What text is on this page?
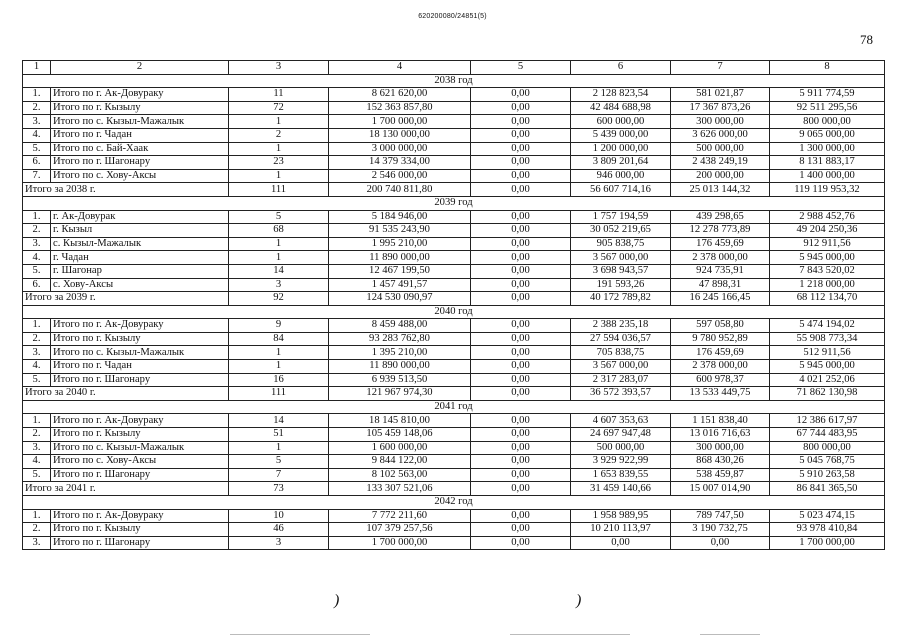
620200080/24851(5)
78
1	2	3	4	5	6	7	8
2038 год							
1.	Итого по г. Ак-Довураку	11	8 621 620,00	0,00	2 128 823,54	581 021,87	5 911 774,59
2.	Итого по г. Кызылу	72	152 363 857,80	0,00	42 484 688,98	17 367 873,26	92 511 295,56
3.	Итого по с. Кызыл-Мажалык	1	1 700 000,00	0,00	600 000,00	300 000,00	800 000,00
4.	Итого по г. Чадан	2	18 130 000,00	0,00	5 439 000,00	3 626 000,00	9 065 000,00
5.	Итого по с. Бай-Хаак	1	3 000 000,00	0,00	1 200 000,00	500 000,00	1 300 000,00
6.	Итого по г. Шагонару	23	14 379 334,00	0,00	3 809 201,64	2 438 249,19	8 131 883,17
7.	Итого по с. Хову-Аксы	1	2 546 000,00	0,00	946 000,00	200 000,00	1 400 000,00
Итого за 2038 г.		111	200 740 811,80	0,00	56 607 714,16	25 013 144,32	119 119 953,32
2039 год							
1.	г. Ак-Довурак	5	5 184 946,00	0,00	1 757 194,59	439 298,65	2 988 452,76
2.	г. Кызыл	68	91 535 243,90	0,00	30 052 219,65	12 278 773,89	49 204 250,36
3.	с. Кызыл-Мажалык	1	1 995 210,00	0,00	905 838,75	176 459,69	912 911,56
4.	г. Чадан	1	11 890 000,00	0,00	3 567 000,00	2 378 000,00	5 945 000,00
5.	г. Шагонар	14	12 467 199,50	0,00	3 698 943,57	924 735,91	7 843 520,02
6.	с. Хову-Аксы	3	1 457 491,57	0,00	191 593,26	47 898,31	1 218 000,00
Итого за 2039 г.		92	124 530 090,97	0,00	40 172 789,82	16 245 166,45	68 112 134,70
2040 год							
1.	Итого по г. Ак-Довураку	9	8 459 488,00	0,00	2 388 235,18	597 058,80	5 474 194,02
2.	Итого по г. Кызылу	84	93 283 762,80	0,00	27 594 036,57	9 780 952,89	55 908 773,34
3.	Итого по с. Кызыл-Мажалык	1	1 395 210,00	0,00	705 838,75	176 459,69	512 911,56
4.	Итого по г. Чадан	1	11 890 000,00	0,00	3 567 000,00	2 378 000,00	5 945 000,00
5.	Итого по г. Шагонару	16	6 939 513,50	0,00	2 317 283,07	600 978,37	4 021 252,06
Итого за 2040 г.		111	121 967 974,30	0,00	36 572 393,57	13 533 449,75	71 862 130,98
2041 год							
1.	Итого по г. Ак-Довураку	14	18 145 810,00	0,00	4 607 353,63	1 151 838,40	12 386 617,97
2.	Итого по г. Кызылу	51	105 459 148,06	0,00	24 697 947,48	13 016 716,63	67 744 483,95
3.	Итого по с. Кызыл-Мажалык	1	1 600 000,00	0,00	500 000,00	300 000,00	800 000,00
4.	Итого по с. Хову-Аксы	5	9 844 122,00	0,00	3 929 922,99	868 430,26	5 045 768,75
5.	Итого по г. Шагонару	7	8 102 563,00	0,00	1 653 839,55	538 459,87	5 910 263,58
Итого за 2041 г.		73	133 307 521,06	0,00	31 459 140,66	15 007 014,90	86 841 365,50
2042 год							
1.	Итого по г. Ак-Довураку	10	7 772 211,60	0,00	1 958 989,95	789 747,50	5 023 474,15
2.	Итого по г. Кызылу	46	107 379 257,56	0,00	10 210 113,97	3 190 732,75	93 978 410,84
3.	Итого по г. Шагонару	3	1 700 000,00	0,00	0,00	0,00	1 700 000,00
)	)
